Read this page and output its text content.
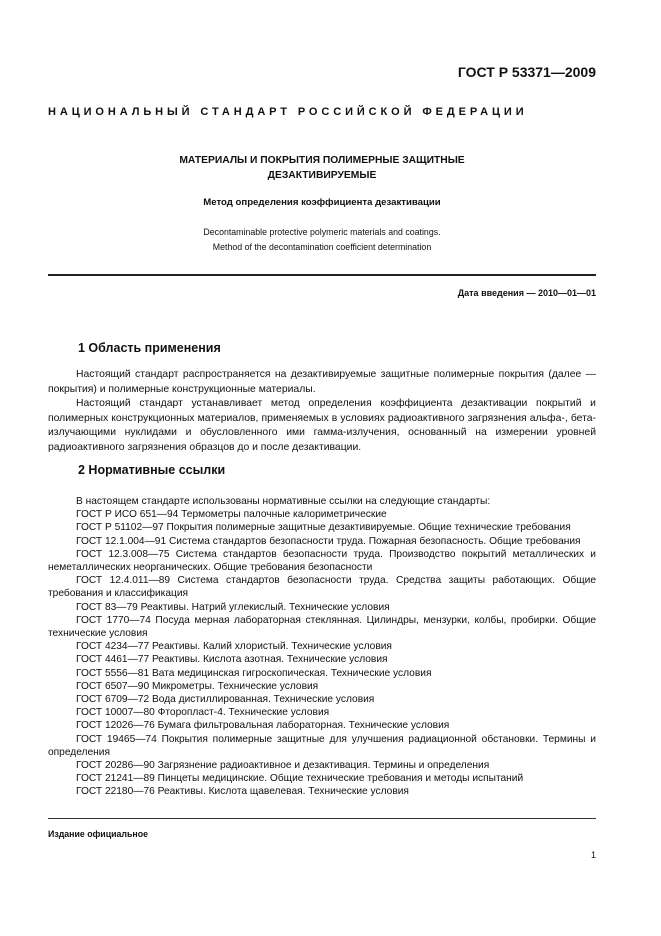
ГОСТ Р 53371—2009
НАЦИОНАЛЬНЫЙ СТАНДАРТ РОССИЙСКОЙ ФЕДЕРАЦИИ
МАТЕРИАЛЫ И ПОКРЫТИЯ ПОЛИМЕРНЫЕ ЗАЩИТНЫЕ
ДЕЗАКТИВИРУЕМЫЕ
Метод определения коэффициента дезактивации
Decontaminable protective polymeric materials and coatings.
Method of the decontamination coefficient determination
Дата введения — 2010—01—01
1 Область применения

Настоящий стандарт распространяется на дезактивируемые защитные полимерные покрытия (далее — покрытия) и полимерные конструкционные материалы.

Настоящий стандарт устанавливает метод определения коэффициента дезактивации покрытий и полимерных конструкционных материалов, применяемых в условиях радиоактивного загрязнения альфа-, бета-излучающими нуклидами и обусловленного ими гамма-излучения, основанный на измерении уровней радиоактивного загрязнения образцов до и после дезактивации.

2 Нормативные ссылки

В настоящем стандарте использованы нормативные ссылки на следующие стандарты:

ГОСТ Р ИСО 651—94 Термометры палочные калориметрические

ГОСТ Р 51102—97 Покрытия полимерные защитные дезактивируемые. Общие технические требования

ГОСТ 12.1.004—91 Система стандартов безопасности труда. Пожарная безопасность. Общие требования

ГОСТ 12.3.008—75 Система стандартов безопасности труда. Производство покрытий металлических и неметаллических неорганических. Общие требования безопасности

ГОСТ 12.4.011—89 Система стандартов безопасности труда. Средства защиты работающих. Общие требования и классификация

ГОСТ 83—79 Реактивы. Натрий углекислый. Технические условия

ГОСТ 1770—74 Посуда мерная лабораторная стеклянная. Цилиндры, мензурки, колбы, пробирки. Общие технические условия

ГОСТ 4234—77 Реактивы. Калий хлористый. Технические условия

ГОСТ 4461—77 Реактивы. Кислота азотная. Технические условия

ГОСТ 5556—81 Вата медицинская гигроскопическая. Технические условия

ГОСТ 6507—90 Микрометры. Технические условия

ГОСТ 6709—72 Вода дистиллированная. Технические условия

ГОСТ 10007—80 Фторопласт-4. Технические условия

ГОСТ 12026—76 Бумага фильтровальная лабораторная. Технические условия

ГОСТ 19465—74 Покрытия полимерные защитные для улучшения радиационной обстановки. Термины и определения

ГОСТ 20286—90 Загрязнение радиоактивное и дезактивация. Термины и определения

ГОСТ 21241—89 Пинцеты медицинские. Общие технические требования и методы испытаний

ГОСТ 22180—76 Реактивы. Кислота щавелевая. Технические условия

Издание официальное
1
